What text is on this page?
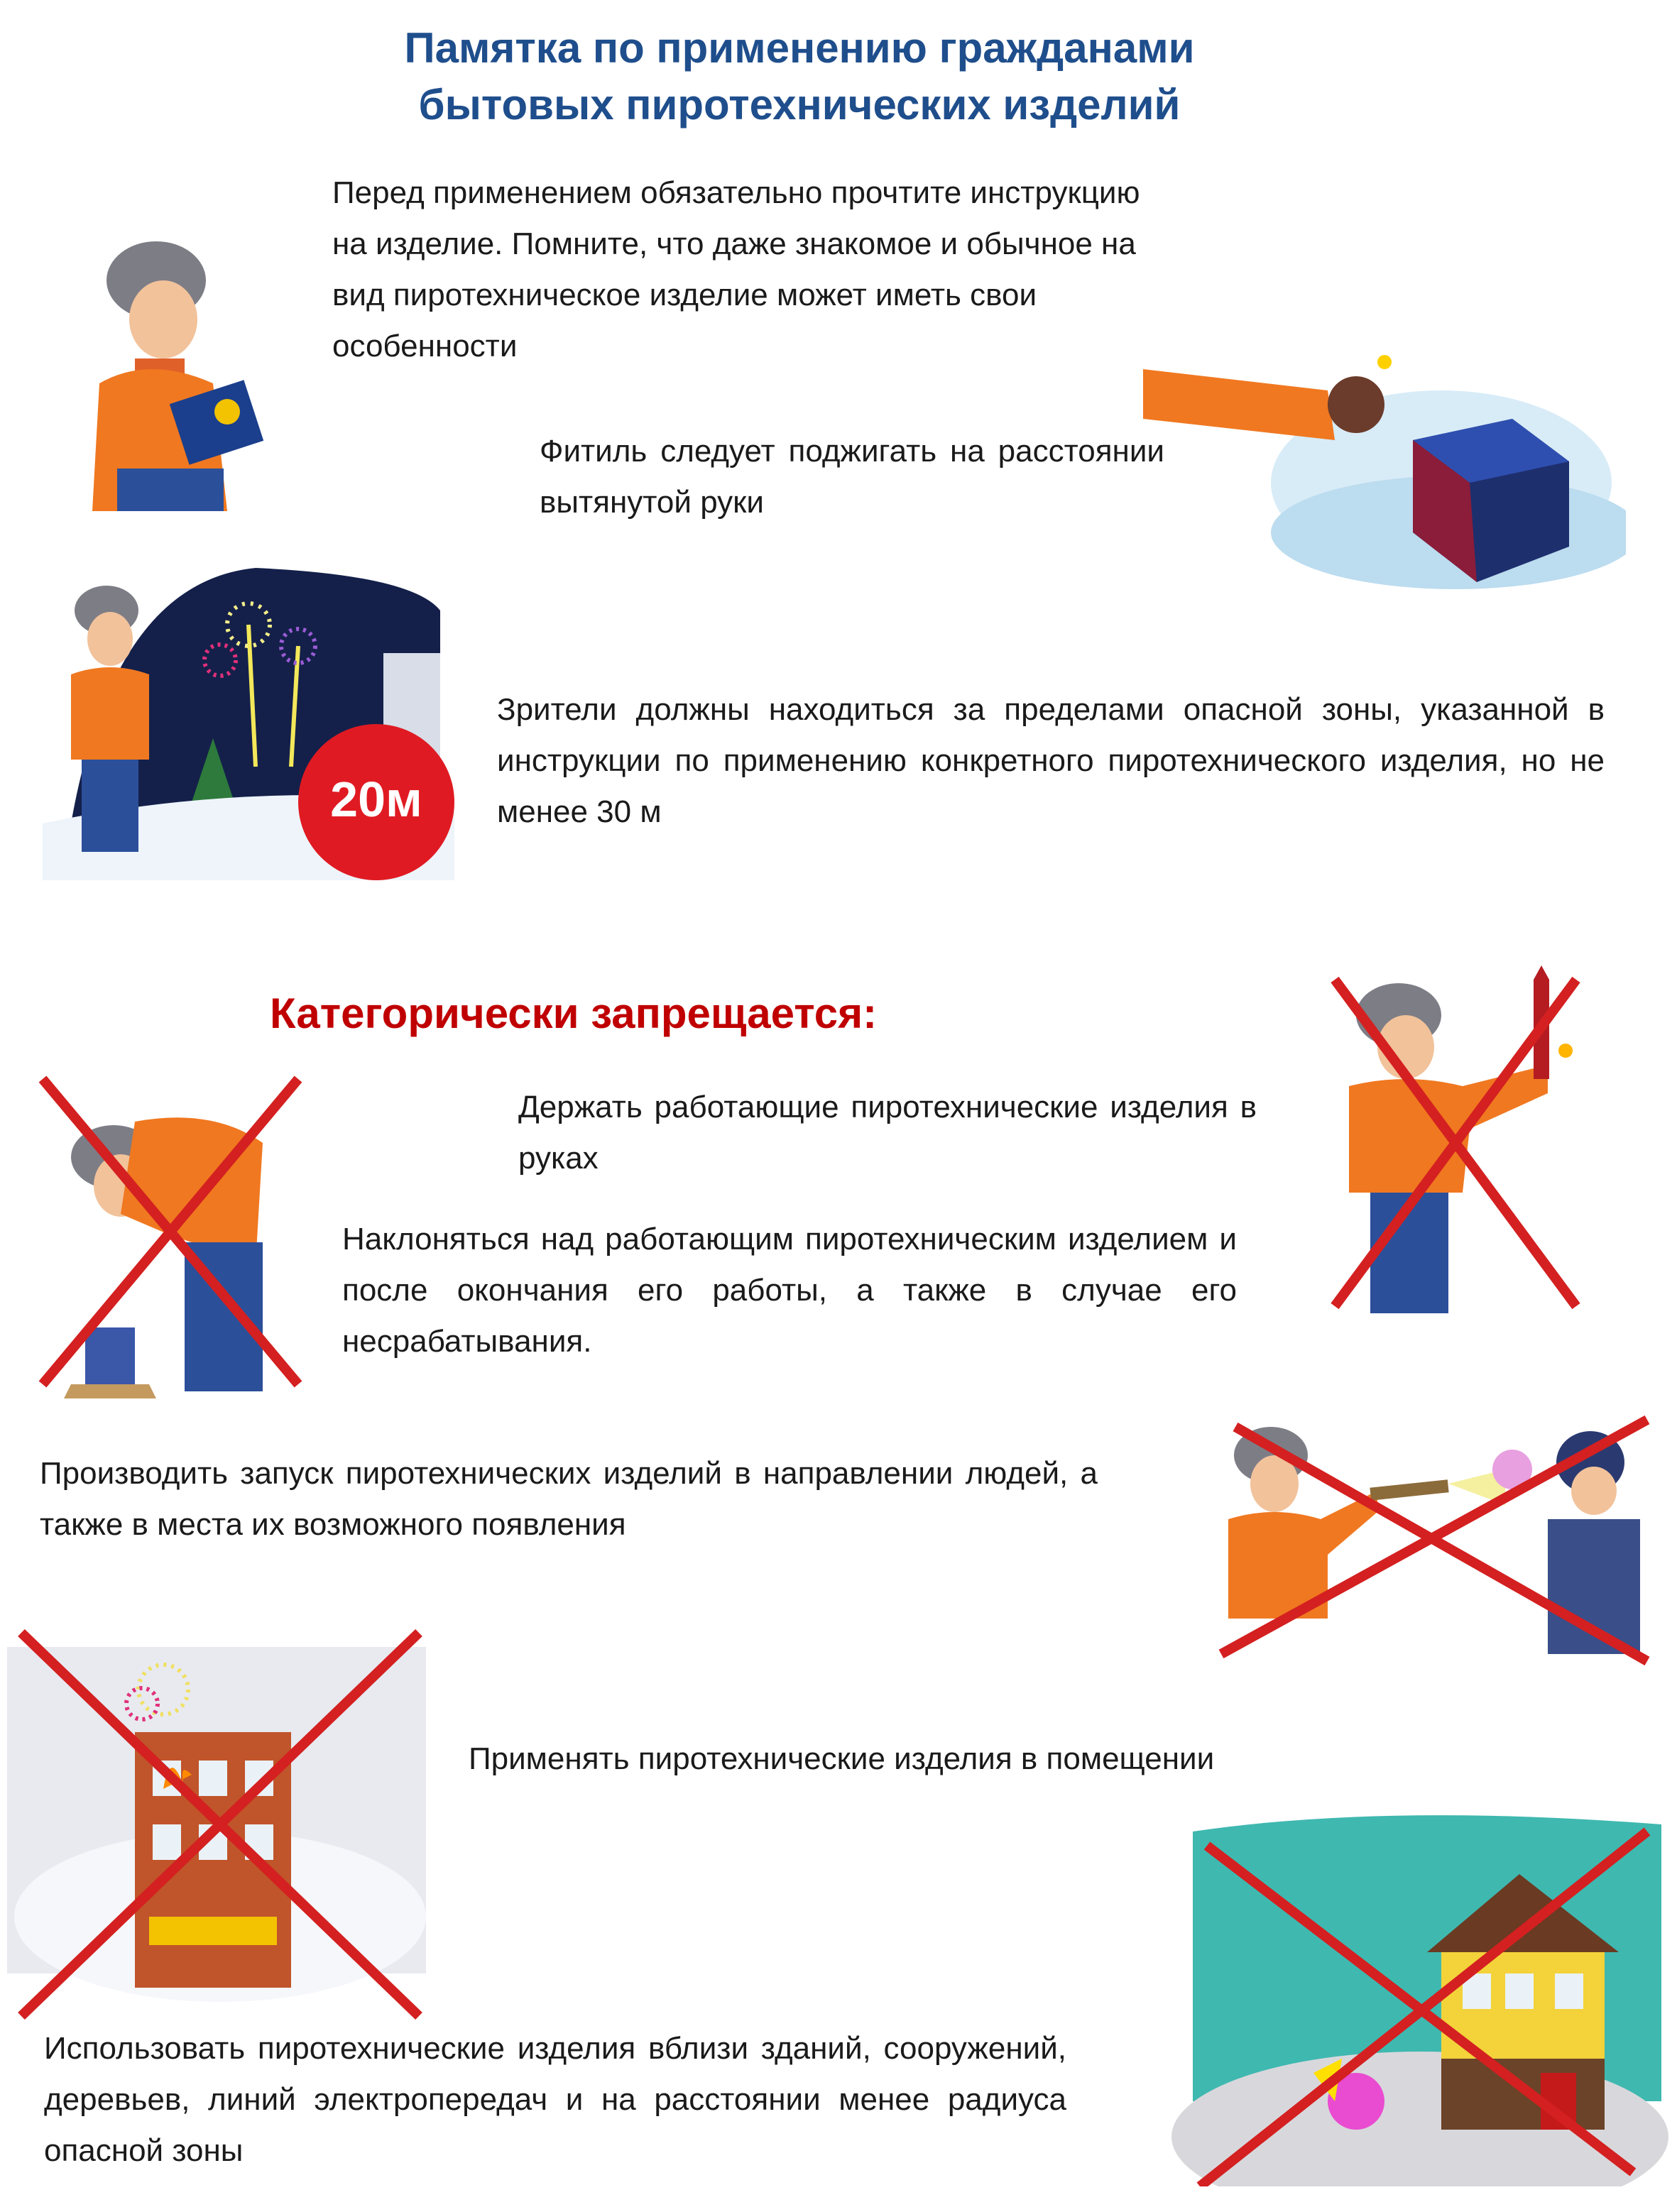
Памятка по применению гражданами
бытовых пиротехнических изделий
Перед применением обязательно прочтите инструкцию на изделие. Помните, что даже знакомое и обычное на вид пиротехническое изделие может иметь свои особенности
Фитиль следует поджигать на расстоянии вытянутой руки
20м
Зрители должны находиться за пределами опасной зоны, указанной в инструкции по применению конкретного пиротехнического изделия, но не менее 30 м
Категорически запрещается:
Держать работающие пиротехнические изделия в руках
Наклоняться над работающим пиротехническим изделием и после окончания его работы, а также в случае его несрабатывания.
Производить запуск пиротехнических изделий в направлении людей, а также в места их возможного появления
Применять пиротехнические изделия в помещении
Использовать пиротехнические изделия вблизи зданий, сооружений, деревьев, линий электропередач и на расстоянии менее радиуса опасной зоны
